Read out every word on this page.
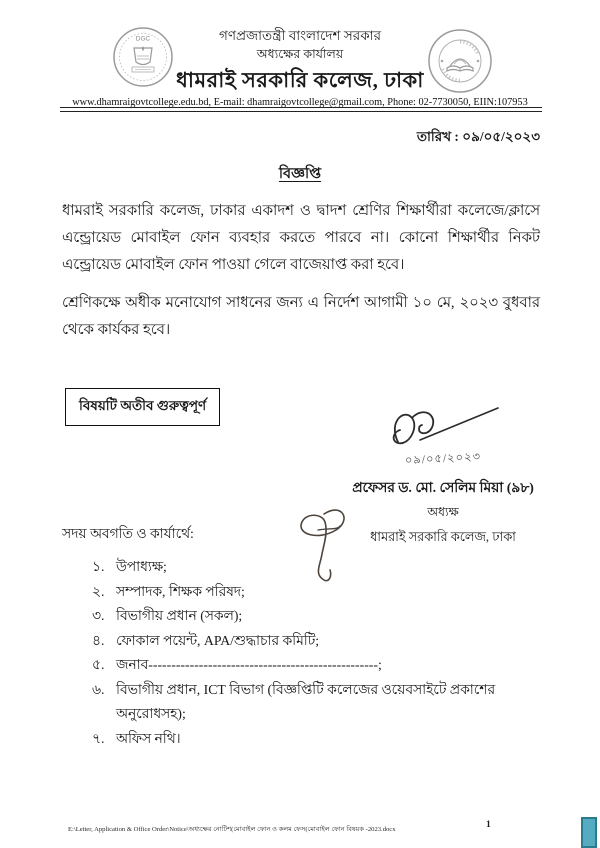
DGC	গণপ্রজাতন্ত্রী বাংলাদেশ সরকার
অধ্যক্ষের কার্যালয়
ধামরাই সরকারি কলেজ, ঢাকা
www.dhamraigovtcollege.edu.bd, E-mail: dhamraigovtcollege@gmail.com, Phone: 02-7730050, EIIN:107953
তারিখ : ০৯/০৫/২০২৩
বিজ্ঞপ্তি
ধামরাই সরকারি কলেজ, ঢাকার একাদশ ও দ্বাদশ শ্রেণির শিক্ষার্থীরা কলেজে/ক্লাসে এন্ড্রোয়েড মোবাইল ফোন ব্যবহার করতে পারবে না। কোনো শিক্ষার্থীর নিকট এন্ড্রোয়েড মোবাইল ফোন পাওয়া গেলে বাজেয়াপ্ত করা হবে।
শ্রেণিকক্ষে অধীক মনোযোগ সাধনের জন্য এ নির্দেশ আগামী ১০ মে, ২০২৩ বুধবার থেকে কার্যকর হবে।
বিষয়টি অতীব গুরুত্বপূর্ণ
০৯/০৫/২০২৩
প্রফেসর ড. মো. সেলিম মিয়া (৯৮)
অধ্যক্ষ
ধামরাই সরকারি কলেজ, ঢাকা
সদয় অবগতি ও কার্যার্থে:
১. উপাধ্যক্ষ;
২. সম্পাদক, শিক্ষক পরিষদ;
৩. বিভাগীয় প্রধান (সকল);
৪. ফোকাল পয়েন্ট, APA/শুদ্ধাচার কমিটি;
৫. জনাব--------------------------------------------------;
৬. বিভাগীয় প্রধান, ICT বিভাগ (বিজ্ঞপ্তিটি কলেজের ওয়েবসাইটে প্রকাশের অনুরোধসহ);
৭. অফিস নথি।
E:\Letter, Application & Office Order\Notice\অধ্যক্ষের নোটিশ(মোবাইল ফোন ও কলম ফেস(মোবাইল ফোন বিষয়ক -2023.docx	1
